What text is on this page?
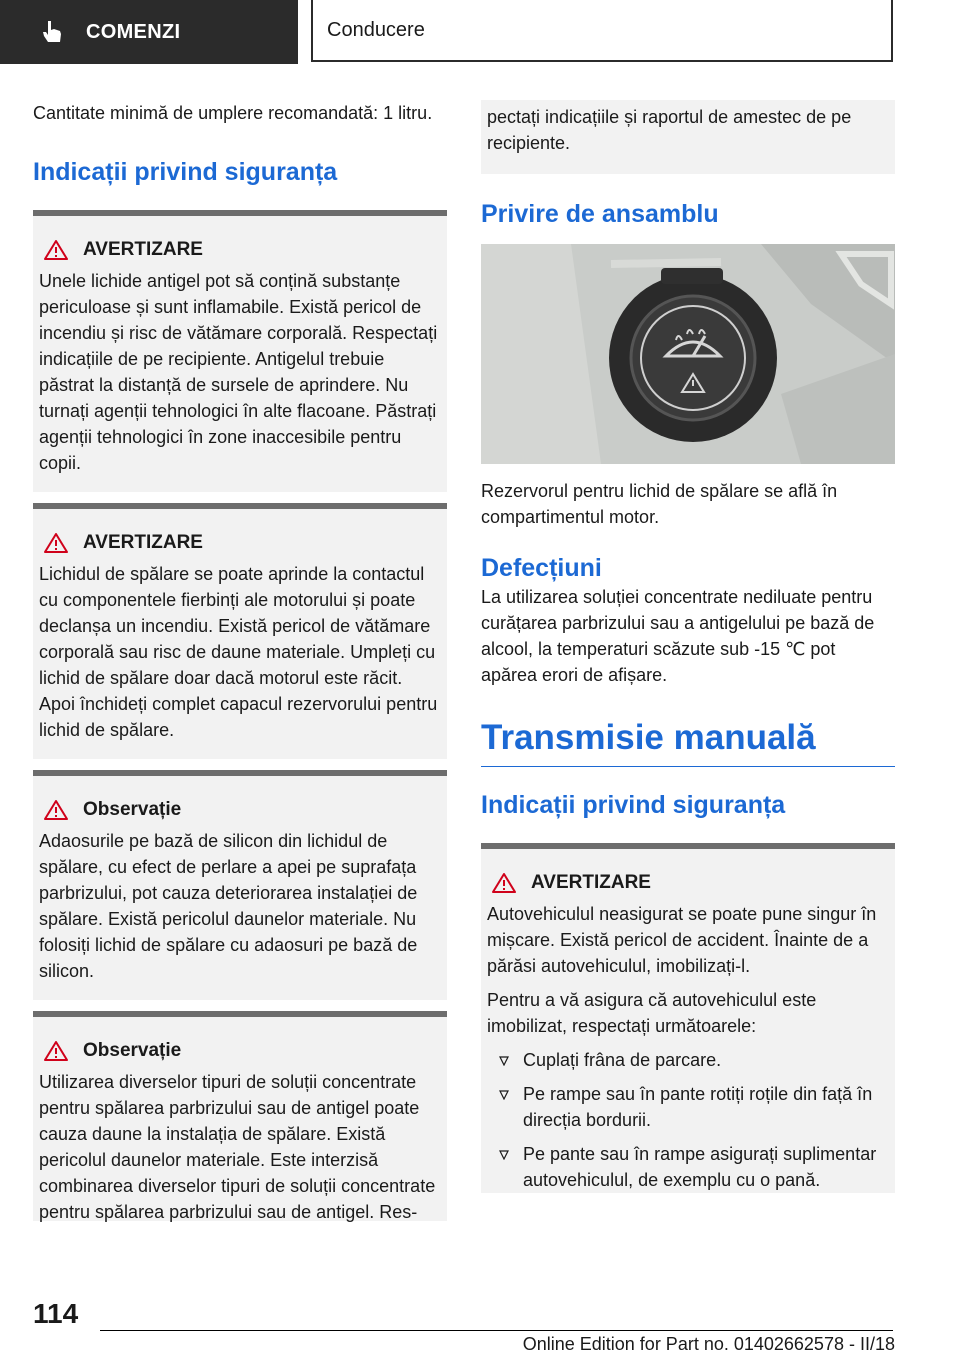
COMENZI	Conducere

Cantitate minimă de umplere recomandată: 1 litru.

Indicații privind siguranța
AVERTIZARE

Unele lichide antigel pot să conțină substanțe periculoase și sunt inflamabile. Există pericol de incendiu și risc de vătămare corporală. Respectați indicațiile de pe recipiente. Antigelul trebuie păstrat la distanță de sursele de aprindere. Nu turnați agenții tehnologici în alte flacoane. Păstrați agenții tehnologici în zone inaccesibile pentru copii.

AVERTIZARE

Lichidul de spălare se poate aprinde la contactul cu componentele fierbinți ale motorului și poate declanșa un incendiu. Există pericol de vătămare corporală sau risc de daune materiale. Umpleți cu lichid de spălare doar dacă motorul este răcit. Apoi închideți complet capacul rezervorului pentru lichid de spălare.

Observație

Adaosurile pe bază de silicon din lichidul de spălare, cu efect de perlare a apei pe suprafața parbrizului, pot cauza deteriorarea instalației de spălare. Există pericolul daunelor materiale. Nu folosiți lichid de spălare cu adaosuri pe bază de silicon.

Observație

Utilizarea diverselor tipuri de soluții concentrate pentru spălarea parbrizului sau de antigel poate cauza daune la instalația de spălare. Există pericolul daunelor materiale. Este interzisă combinarea diverselor tipuri de soluții concentrate pentru spălarea parbrizului sau de antigel. Res-

pectați indicațiile și raportul de amestec de pe recipiente.

Privire de ansamblu

Rezervorul pentru lichid de spălare se află în compartimentul motor.

Defecțiuni

La utilizarea soluției concentrate nediluate pentru curățarea parbrizului sau a antigelului pe bază de alcool, la temperaturi scăzute sub -15 ℃ pot apărea erori de afișare.

Transmisie manuală
Indicații privind siguranța
AVERTIZARE

Autovehiculul neasigurat se poate pune singur în mișcare. Există pericol de accident. Înainte de a părăsi autovehiculul, imobilizați-l.

Pentru a vă asigura că autovehiculul este imobilizat, respectați următoarele:

Cuplați frâna de parcare.
Pe rampe sau în pante rotiți roțile din față în direcția bordurii.
Pe pante sau în rampe asigurați suplimentar autovehiculul, de exemplu cu o pană.
114
Online Edition for Part no. 01402662578 - II/18
